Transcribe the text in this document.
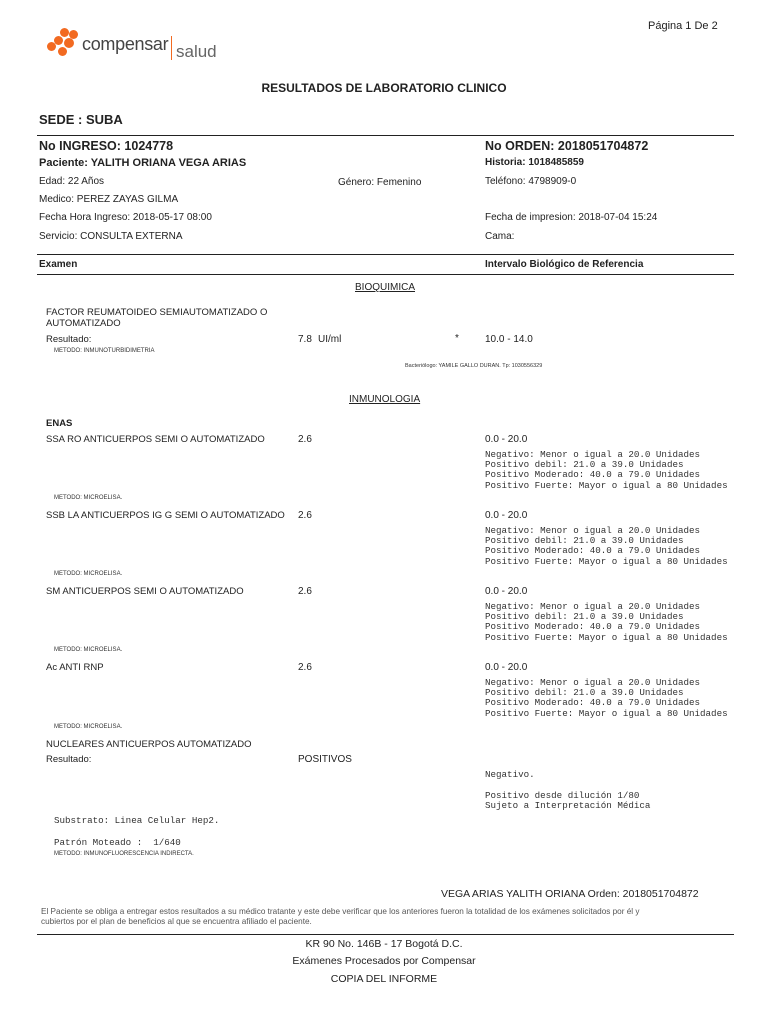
Página 1 De 2
compensar salud
RESULTADOS DE LABORATORIO CLINICO
SEDE : SUBA
No INGRESO: 1024778
Paciente: YALITH ORIANA VEGA ARIAS
Edad: 22 Años	Género: Femenino
Medico: PEREZ ZAYAS GILMA
Fecha Hora Ingreso: 2018-05-17 08:00
Servicio: CONSULTA EXTERNA
No ORDEN: 2018051704872
Historia: 1018485859
Teléfono: 4798909-0
Fecha de impresion: 2018-07-04 15:24
Cama:
Examen	Intervalo Biológico de Referencia
BIOQUIMICA
FACTOR REUMATOIDEO SEMIAUTOMATIZADO O
AUTOMATIZADO
Resultado:	7.8 UI/ml	*	10.0 - 14.0
METODO: INMUNOTURBIDIMETRIA
Bacteriólogo: YAMILE GALLO DURAN. Tp: 1030556329
INMUNOLOGIA
ENAS
SSA RO ANTICUERPOS SEMI O AUTOMATIZADO	2.6	0.0 - 20.0
Negativo: Menor o igual a 20.0 Unidades
Positivo debil: 21.0 a 39.0 Unidades
Positivo Moderado: 40.0 a 79.0 Unidades
Positivo Fuerte: Mayor o igual a 80 Unidades
METODO: MICROELISA.
SSB LA ANTICUERPOS IG G SEMI O AUTOMATIZADO 2.6	0.0 - 20.0
Negativo: Menor o igual a 20.0 Unidades
Positivo debil: 21.0 a 39.0 Unidades
Positivo Moderado: 40.0 a 79.0 Unidades
Positivo Fuerte: Mayor o igual a 80 Unidades
METODO: MICROELISA.
SM ANTICUERPOS SEMI O AUTOMATIZADO	2.6	0.0 - 20.0
Negativo: Menor o igual a 20.0 Unidades
Positivo debil: 21.0 a 39.0 Unidades
Positivo Moderado: 40.0 a 79.0 Unidades
Positivo Fuerte: Mayor o igual a 80 Unidades
METODO: MICROELISA.
Ac ANTI RNP	2.6	0.0 - 20.0
Negativo: Menor o igual a 20.0 Unidades
Positivo debil: 21.0 a 39.0 Unidades
Positivo Moderado: 40.0 a 79.0 Unidades
Positivo Fuerte: Mayor o igual a 80 Unidades
METODO: MICROELISA.
NUCLEARES ANTICUERPOS AUTOMATIZADO
Resultado:	POSITIVOS
Negativo.
Positivo desde dilución 1/80
Sujeto a Interpretación Médica
Substrato: Linea Celular Hep2.
Patrón Moteado :  1/640
METODO: INMUNOFLUORESCENCIA INDIRECTA.
VEGA ARIAS YALITH ORIANA Orden: 2018051704872
El Paciente se obliga a entregar estos resultados a su médico tratante y este debe verificar que los anteriores fueron la totalidad de los exámenes solicitados por él y
cubiertos por el plan de beneficios al que se encuentra afiliado el paciente.
KR 90 No. 146B - 17 Bogotá D.C.
Exámenes Procesados por Compensar
COPIA DEL INFORME
